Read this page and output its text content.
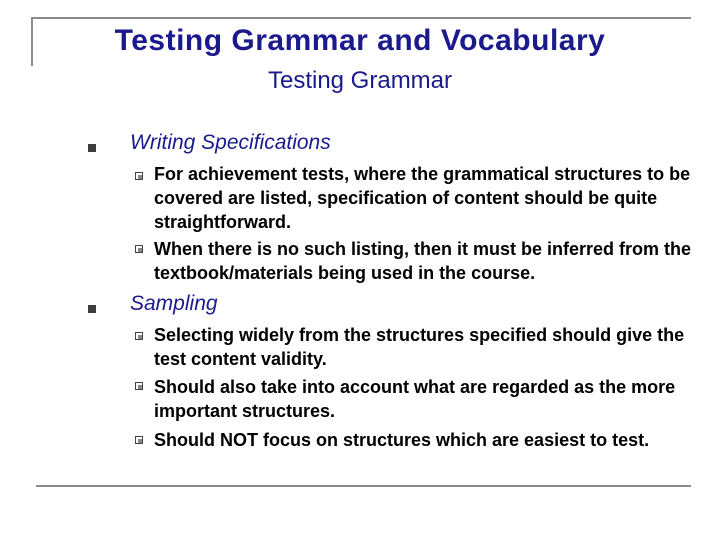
Testing Grammar and Vocabulary
Testing Grammar
Writing Specifications
For achievement tests, where the grammatical structures to be covered are listed, specification of content should be quite straightforward.
When there is no such listing, then it must be inferred from the textbook/materials being used in the course.
Sampling
Selecting widely from the structures specified should give the test content validity.
Should also take into account what are regarded as the more important structures.
Should NOT focus on structures which are easiest to test.
